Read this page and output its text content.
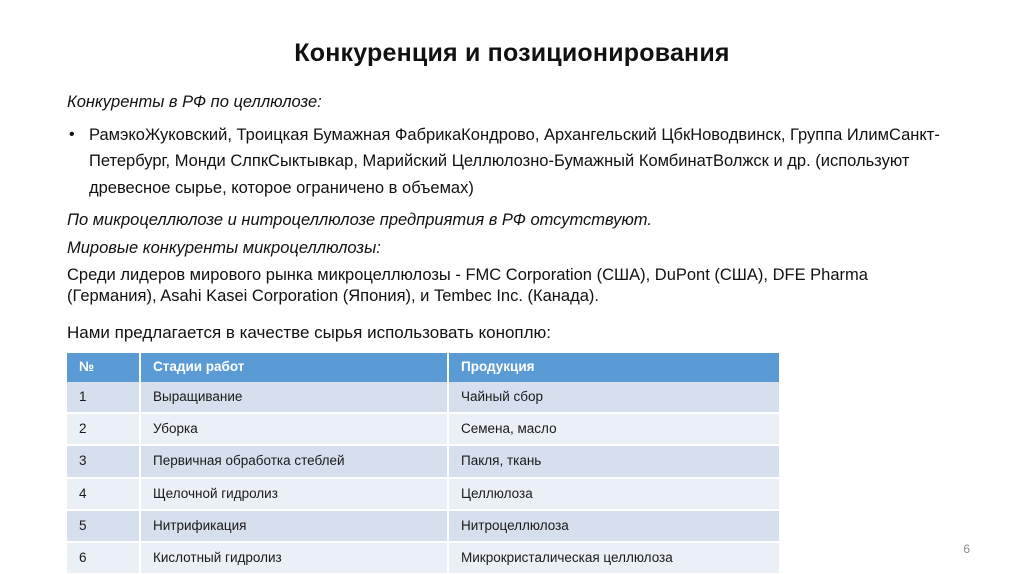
Конкуренция и позиционирования

Конкуренты в РФ по целлюлозе:

• РамэкоЖуковский, Троицкая Бумажная ФабрикаКондрово, Архангельский ЦбкНоводвинск, Группа ИлимСанкт-Петербург, Монди СлпкСыктывкар, Марийский Целлюлозно-Бумажный КомбинатВолжск и др. (используют древесное сырье, которое ограничено в объемах)

По микроцеллюлозе и нитроцеллюлозе предприятия в РФ отсутствуют.

Мировые конкуренты микроцеллюлозы:

Среди лидеров мирового рынка микроцеллюлозы - FMC Corporation (США), DuPont (США), DFE Pharma (Германия), Asahi Kasei Corporation (Япония), и Tembec Inc. (Канада).

Нами предлагается в качестве сырья использовать коноплю:
№	Стадии работ	Продукция
1	Выращивание	Чайный сбор
2	Уборка	Семена, масло
3	Первичная обработка стеблей	Пакля, ткань
4	Щелочной гидролиз	Целлюлоза
5	Нитрификация	Нитроцеллюлоза
6	Кислотный гидролиз	Микрокристалическая целлюлоза
6
